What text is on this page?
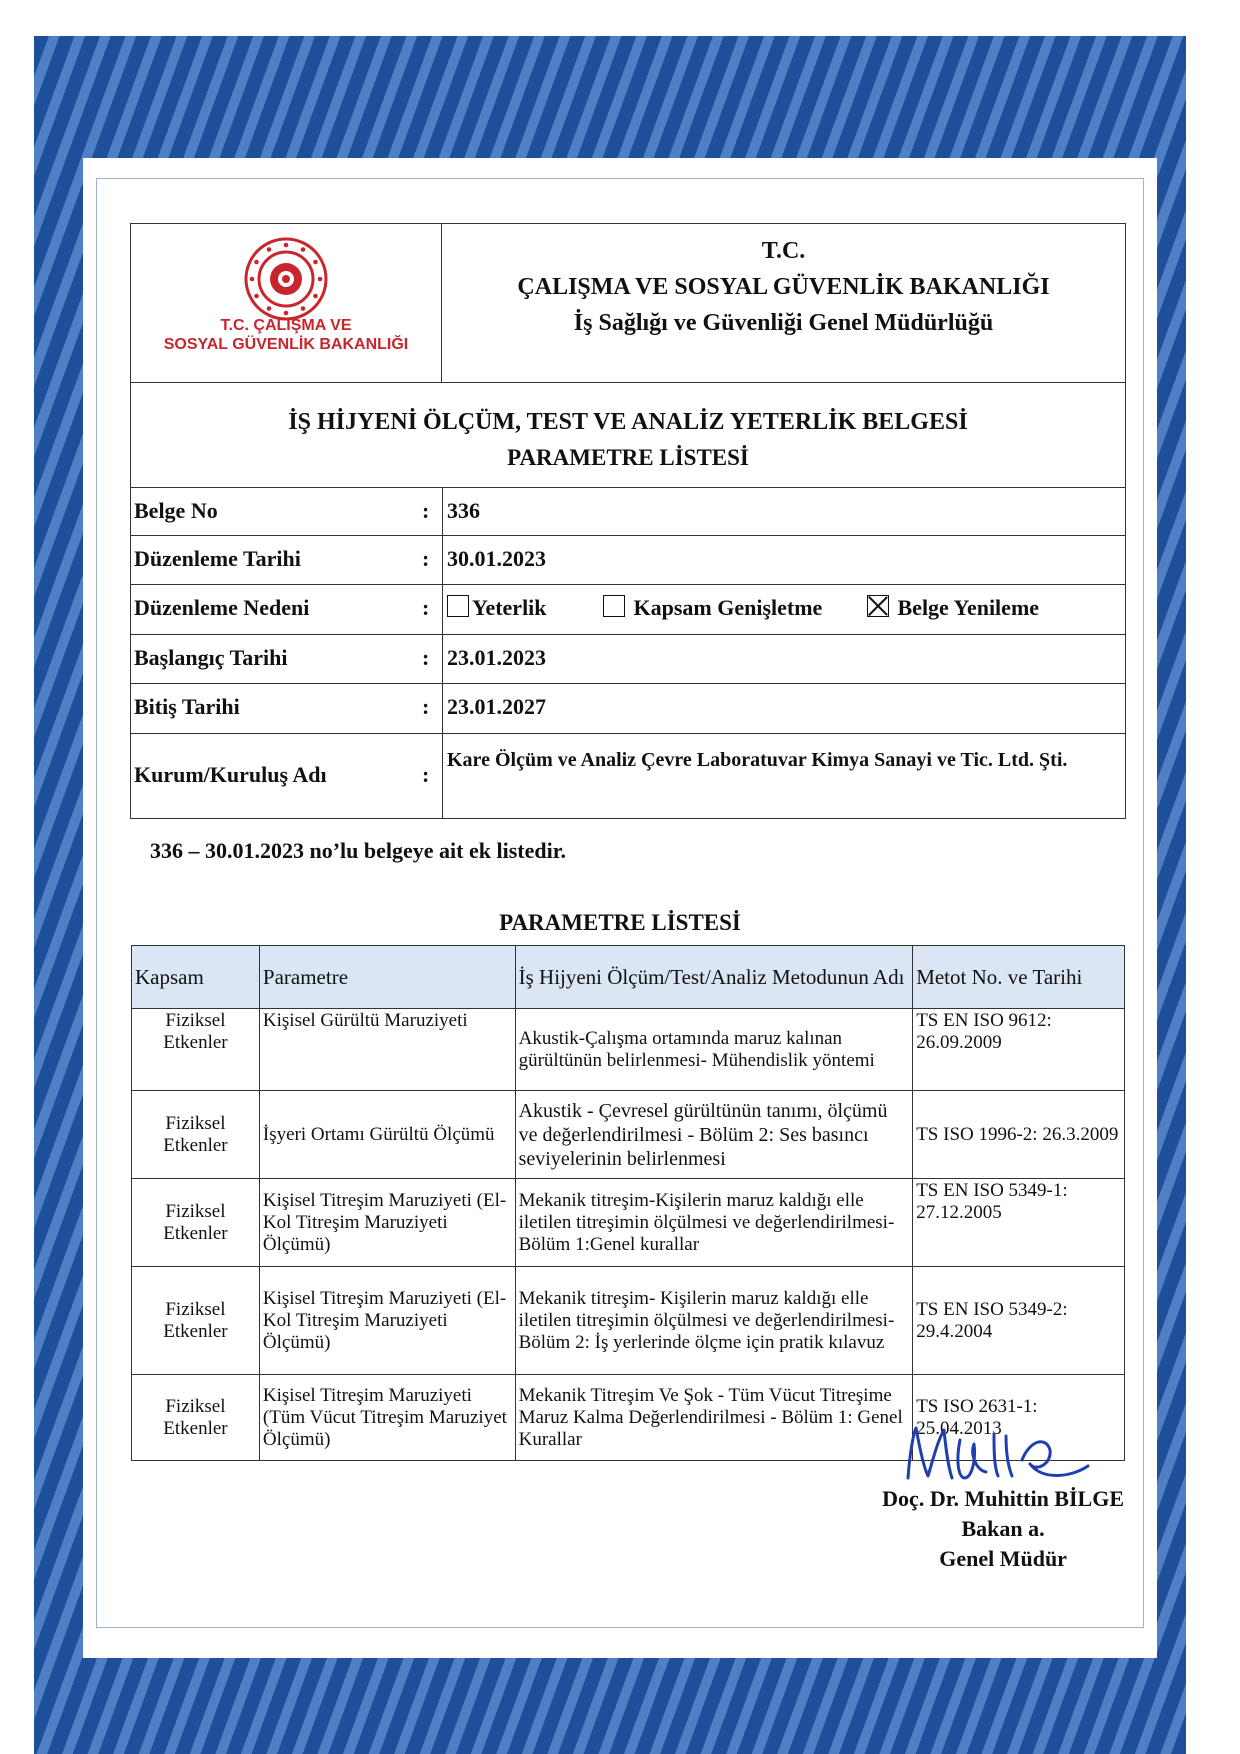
T.C. ÇALIŞMA VE
SOSYAL GÜVENLİK BAKANLIĞI
T.C.
ÇALIŞMA VE SOSYAL GÜVENLİK BAKANLIĞI
İş Sağlığı ve Güvenliği Genel Müdürlüğü
İŞ HİJYENİ ÖLÇÜM, TEST VE ANALİZ YETERLİK BELGESİ
PARAMETRE LİSTESİ
Belge No	: 336
Düzenleme Tarihi	: 30.01.2023
Düzenleme Nedeni	:	Yeterlik	Kapsam Genişletme	Belge Yenileme
Başlangıç Tarihi	: 23.01.2023
Bitiş Tarihi	: 23.01.2027
Kurum/Kuruluş Adı	:
Kare Ölçüm ve Analiz Çevre Laboratuvar Kimya Sanayi ve Tic. Ltd. Şti.
336 – 30.01.2023 no’lu belgeye ait ek listedir.
PARAMETRE LİSTESİ
Kapsam	Parametre	İş Hijyeni Ölçüm/Test/Analiz Metodunun Adı	Metot No. ve Tarihi
Fiziksel Etkenler	Kişisel Gürültü Maruziyeti	Akustik-Çalışma ortamında maruz kalınan gürültünün belirlenmesi- Mühendislik yöntemi	TS EN ISO 9612: 26.09.2009
Fiziksel Etkenler	İşyeri Ortamı Gürültü Ölçümü	Akustik - Çevresel gürültünün tanımı, ölçümü ve değerlendirilmesi - Bölüm 2: Ses basıncı seviyelerinin belirlenmesi	TS ISO 1996-2: 26.3.2009
Fiziksel Etkenler	Kişisel Titreşim Maruziyeti (El-Kol Titreşim Maruziyeti Ölçümü)	Mekanik titreşim-Kişilerin maruz kaldığı elle iletilen titreşimin ölçülmesi ve değerlendirilmesi-Bölüm 1:Genel kurallar	TS EN ISO 5349-1: 27.12.2005
Fiziksel Etkenler	Kişisel Titreşim Maruziyeti (El-Kol Titreşim Maruziyeti Ölçümü)	Mekanik titreşim- Kişilerin maruz kaldığı elle iletilen titreşimin ölçülmesi ve değerlendirilmesi- Bölüm 2: İş yerlerinde ölçme için pratik kılavuz	TS EN ISO 5349-2: 29.4.2004
Fiziksel Etkenler	Kişisel Titreşim Maruziyeti (Tüm Vücut Titreşim Maruziyet Ölçümü)	Mekanik Titreşim Ve Şok - Tüm Vücut Titreşime Maruz Kalma Değerlendirilmesi - Bölüm 1: Genel Kurallar	TS ISO 2631-1: 25.04.2013
Doç. Dr. Muhittin BİLGE
Bakan a.
Genel Müdür
